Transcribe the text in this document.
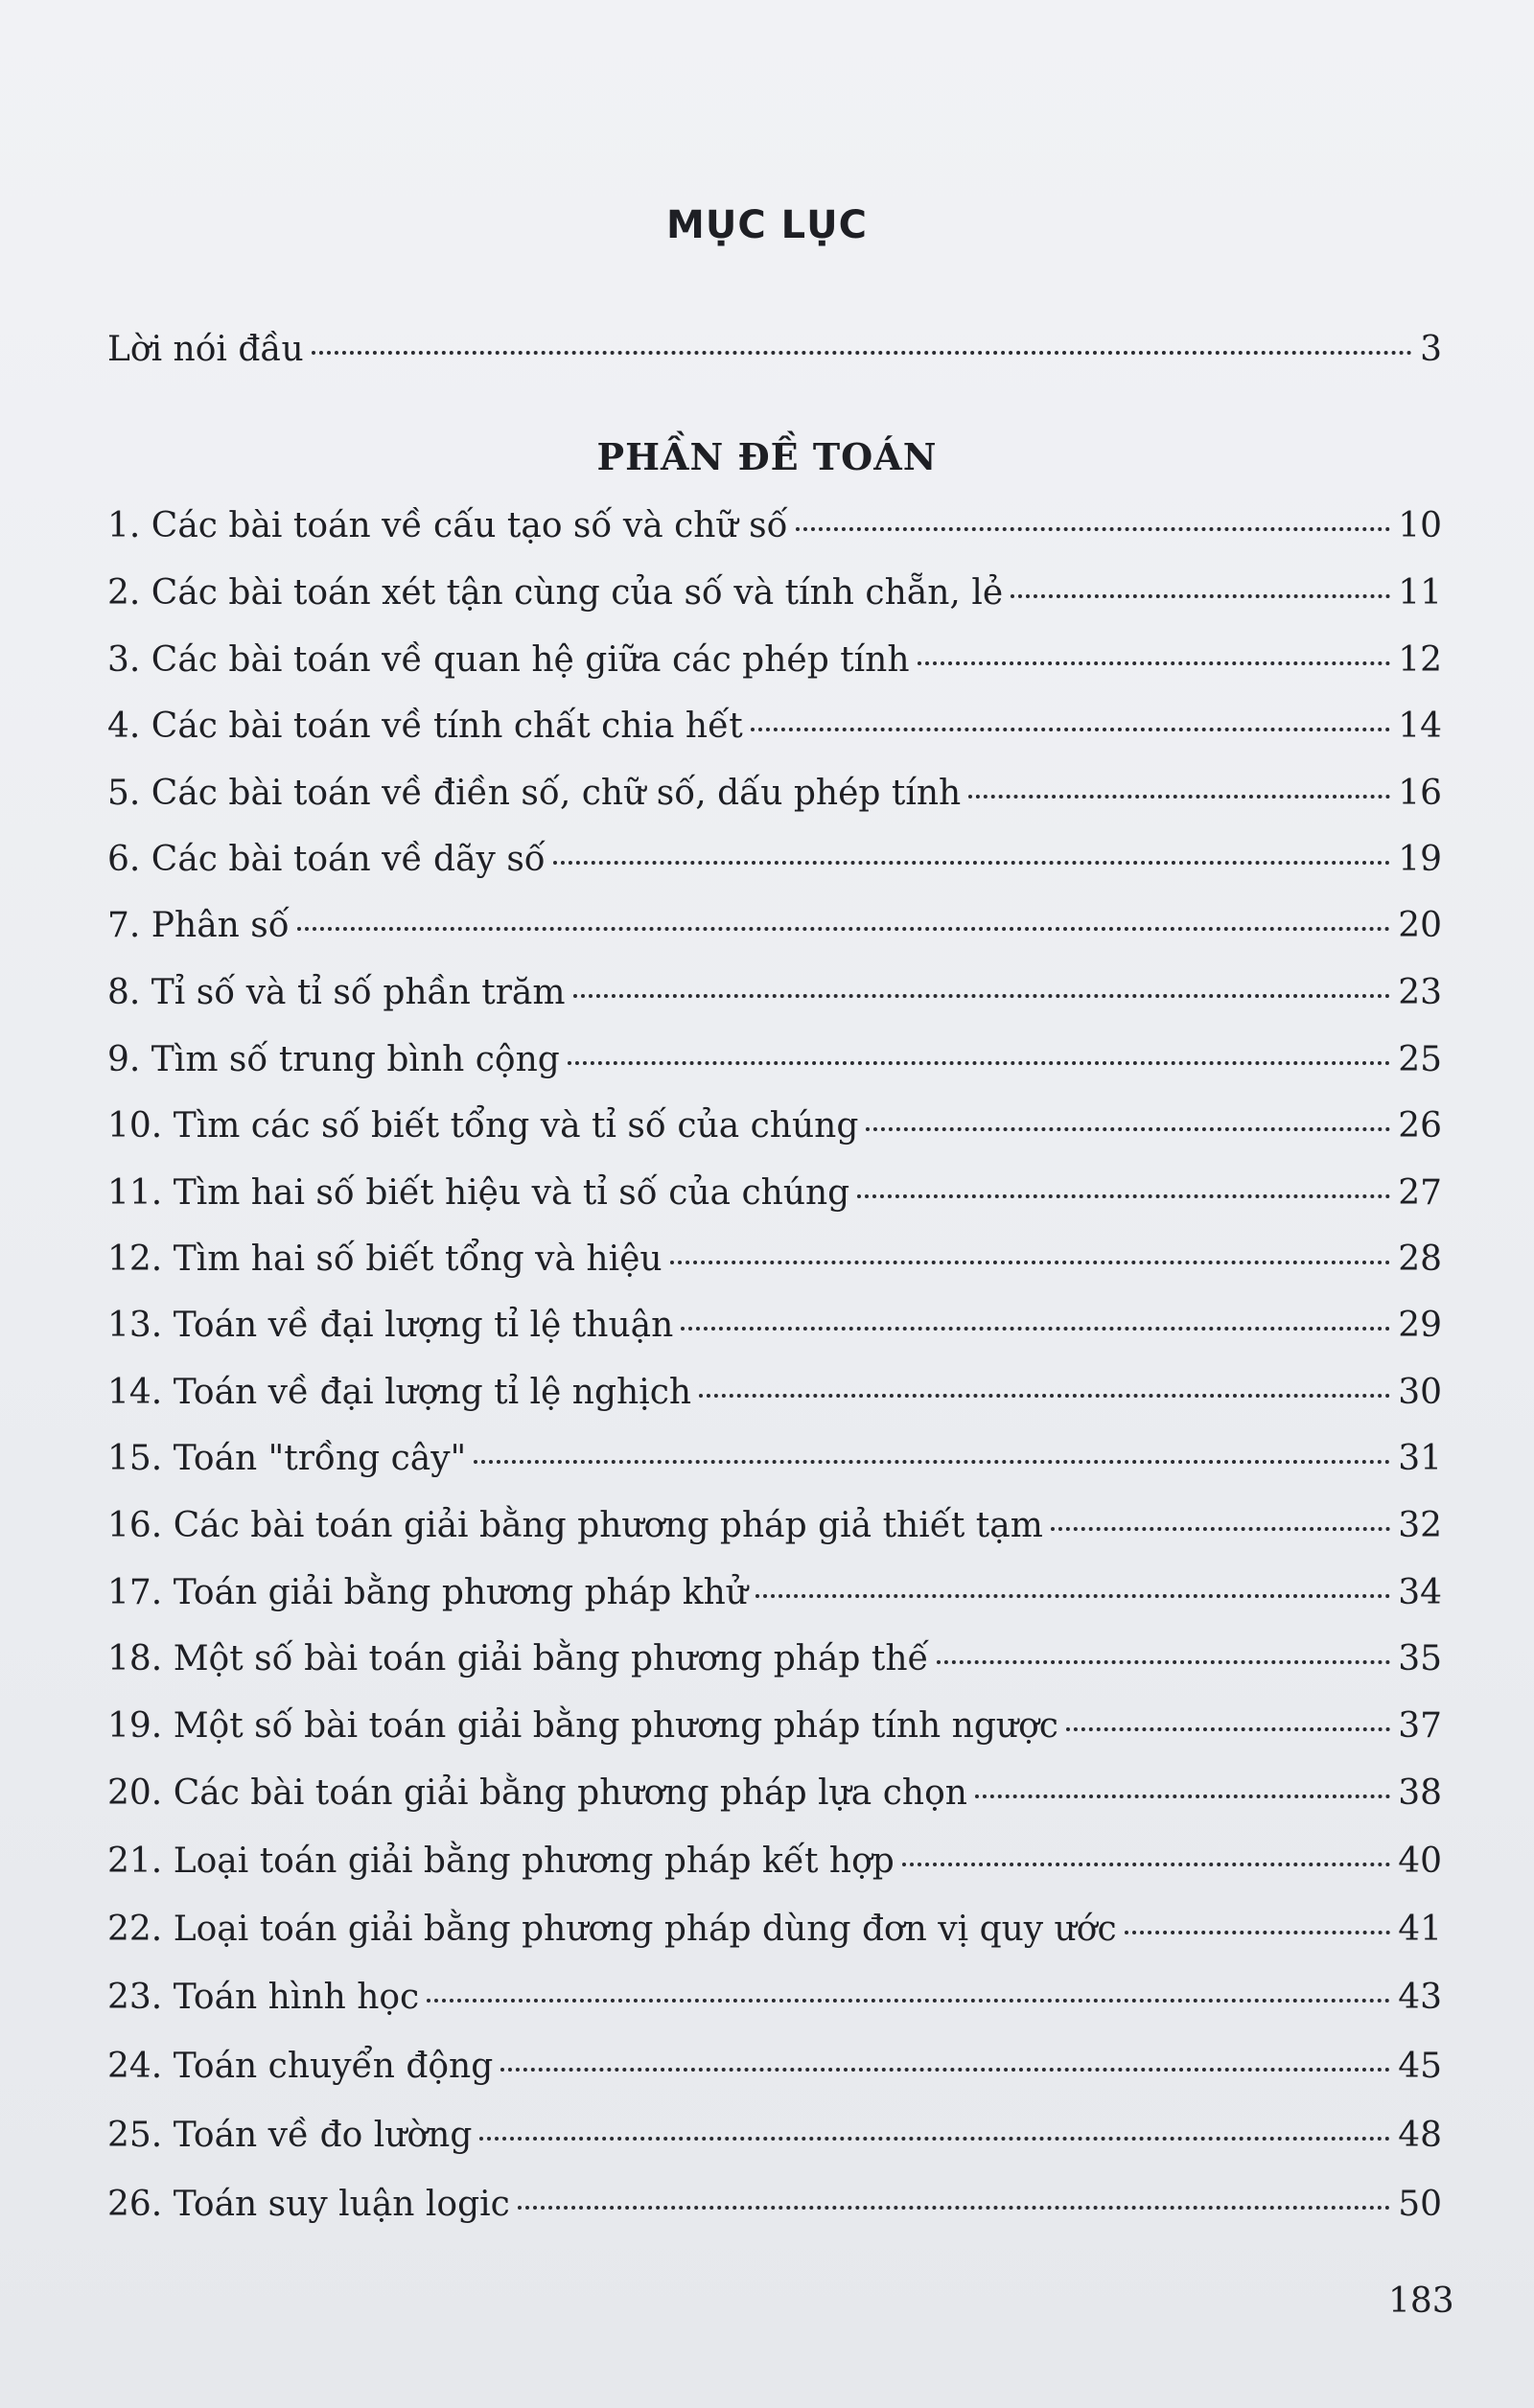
MỤC LỤC
Lời nói đầu	3
PHẦN ĐỀ TOÁN
1. Các bài toán về cấu tạo số và chữ số	10
2. Các bài toán xét tận cùng của số và tính chẵn, lẻ	11
3. Các bài toán về quan hệ giữa các phép tính	12
4. Các bài toán về tính chất chia hết	14
5. Các bài toán về điền số, chữ số, dấu phép tính	16
6. Các bài toán về dãy số	19
7. Phân số	20
8. Tỉ số và tỉ số phần trăm	23
9. Tìm số trung bình cộng	25
10. Tìm các số biết tổng và tỉ số của chúng	26
11. Tìm hai số biết hiệu và tỉ số của chúng	27
12. Tìm hai số biết tổng và hiệu	28
13. Toán về đại lượng tỉ lệ thuận	29
14. Toán về đại lượng tỉ lệ nghịch	30
15. Toán "trồng cây"	31
16. Các bài toán giải bằng phương pháp giả thiết tạm	32
17. Toán giải bằng phương pháp khử	34
18. Một số bài toán giải bằng phương pháp thế	35
19. Một số bài toán giải bằng phương pháp tính ngược	37
20. Các bài toán giải bằng phương pháp lựa chọn	38
21. Loại toán giải bằng phương pháp kết hợp	40
22. Loại toán giải bằng phương pháp dùng đơn vị quy ước	41
23. Toán hình học	43
24. Toán chuyển động	45
25. Toán về đo lường	48
26. Toán suy luận logic	50
183
